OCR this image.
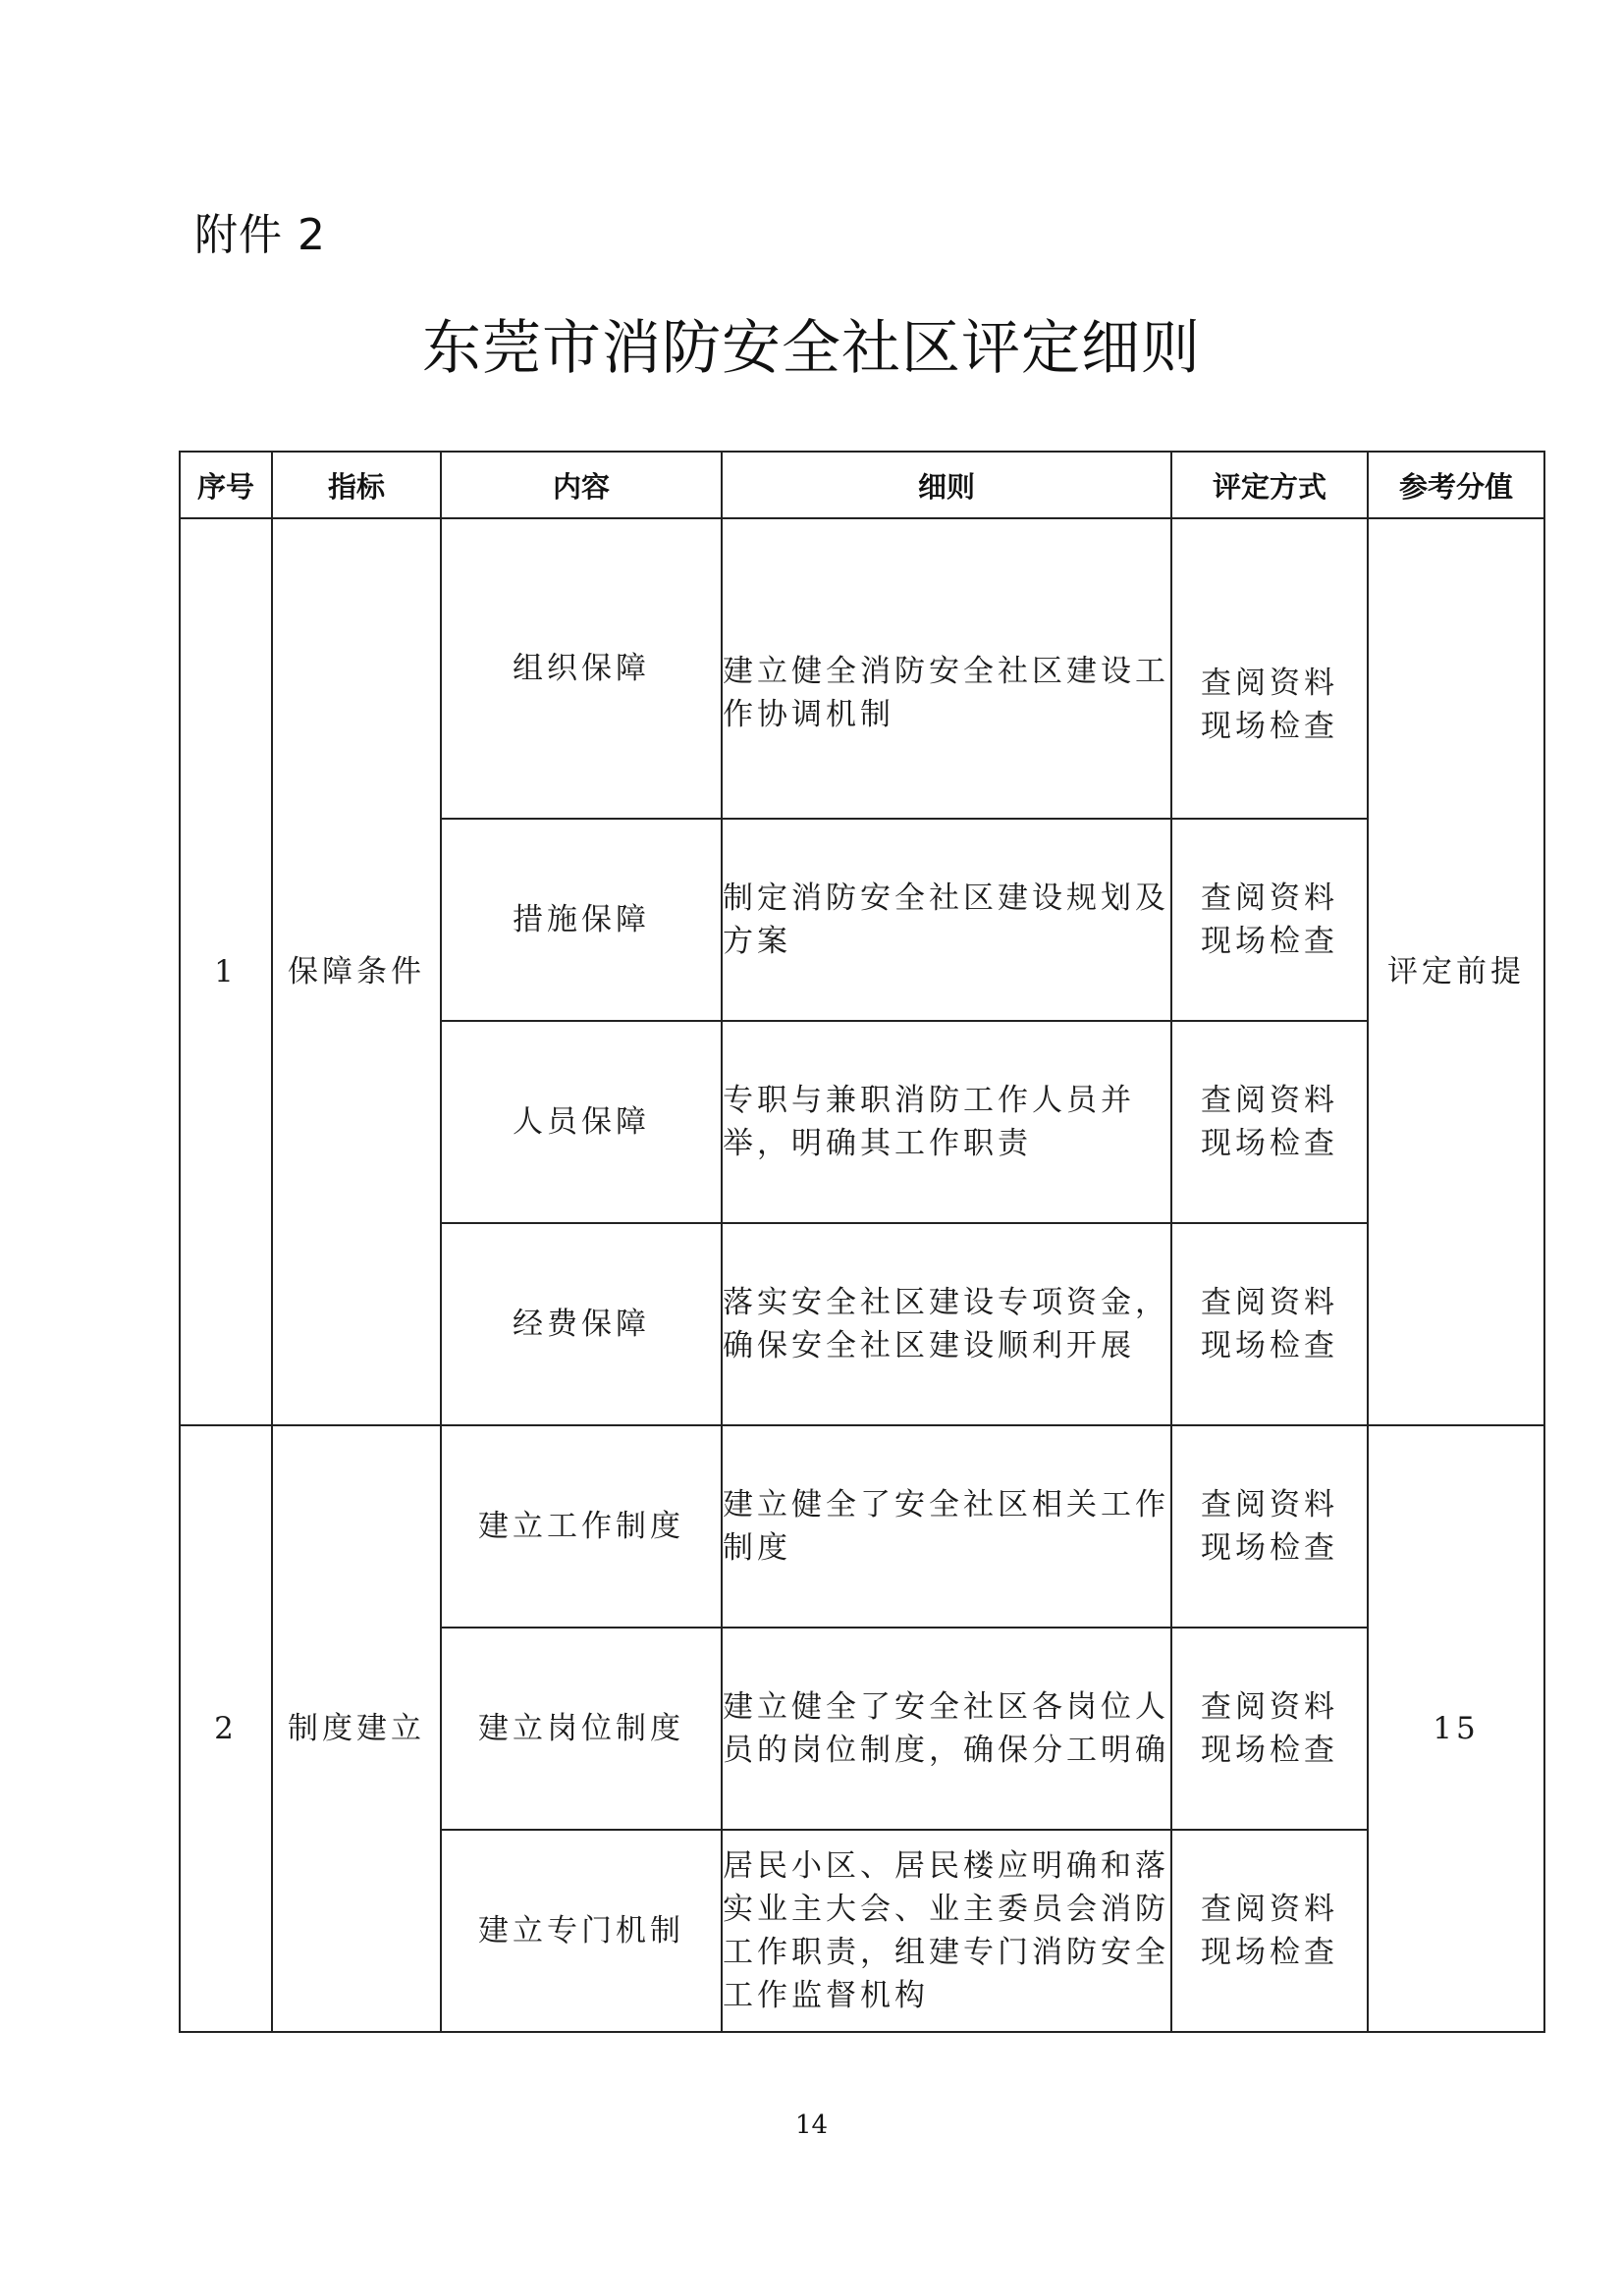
附件 2
东莞市消防安全社区评定细则
序号	指标	内容	细则	评定方式	参考分值
1	保障条件	组织保障	建立健全消防安全社区建设工作协调机制	查阅资料
现场检查	评定前提
		措施保障	制定消防安全社区建设规划及方案	查阅资料
现场检查	

		人员保障	专职与兼职消防工作人员并举，明确其工作职责	查阅资料
现场检查	

		经费保障	落实安全社区建设专项资金，确保安全社区建设顺利开展	查阅资料
现场检查	

2	制度建立	建立工作制度	建立健全了安全社区相关工作制度	查阅资料
现场检查	15
		建立岗位制度	建立健全了安全社区各岗位人员的岗位制度，确保分工明确	查阅资料
现场检查	

		建立专门机制	居民小区、居民楼应明确和落实业主大会、业主委员会消防工作职责，组建专门消防安全工作监督机构	查阅资料
现场检查	
14
